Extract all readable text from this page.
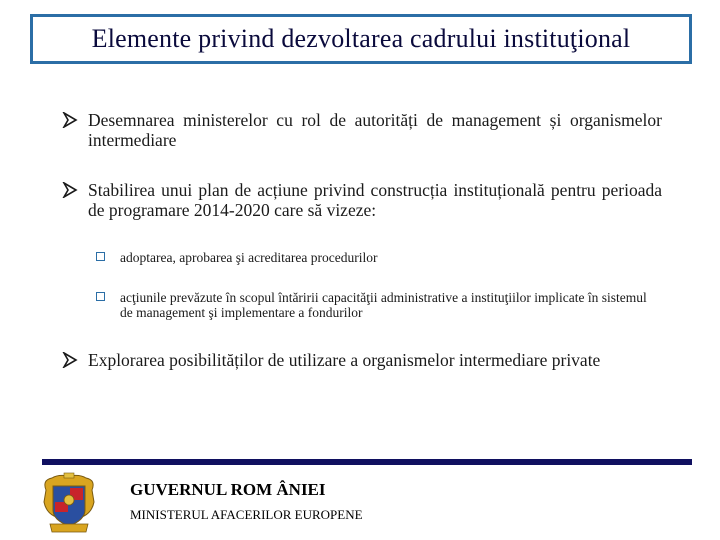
Elemente privind dezvoltarea cadrului instituţional
Desemnarea ministerelor cu rol de autorități de management și organismelor intermediare
Stabilirea unui plan de acțiune privind construcția instituțională pentru perioada de programare 2014-2020 care să vizeze:
adoptarea, aprobarea şi acreditarea procedurilor
acţiunile prevăzute în scopul întăririi capacităţii administrative a instituţiilor implicate în sistemul de management şi implementare a fondurilor
Explorarea posibilităților de utilizare a organismelor intermediare private
GUVERNUL ROM ÂNIEI
MINISTERUL AFACERILOR EUROPENE
